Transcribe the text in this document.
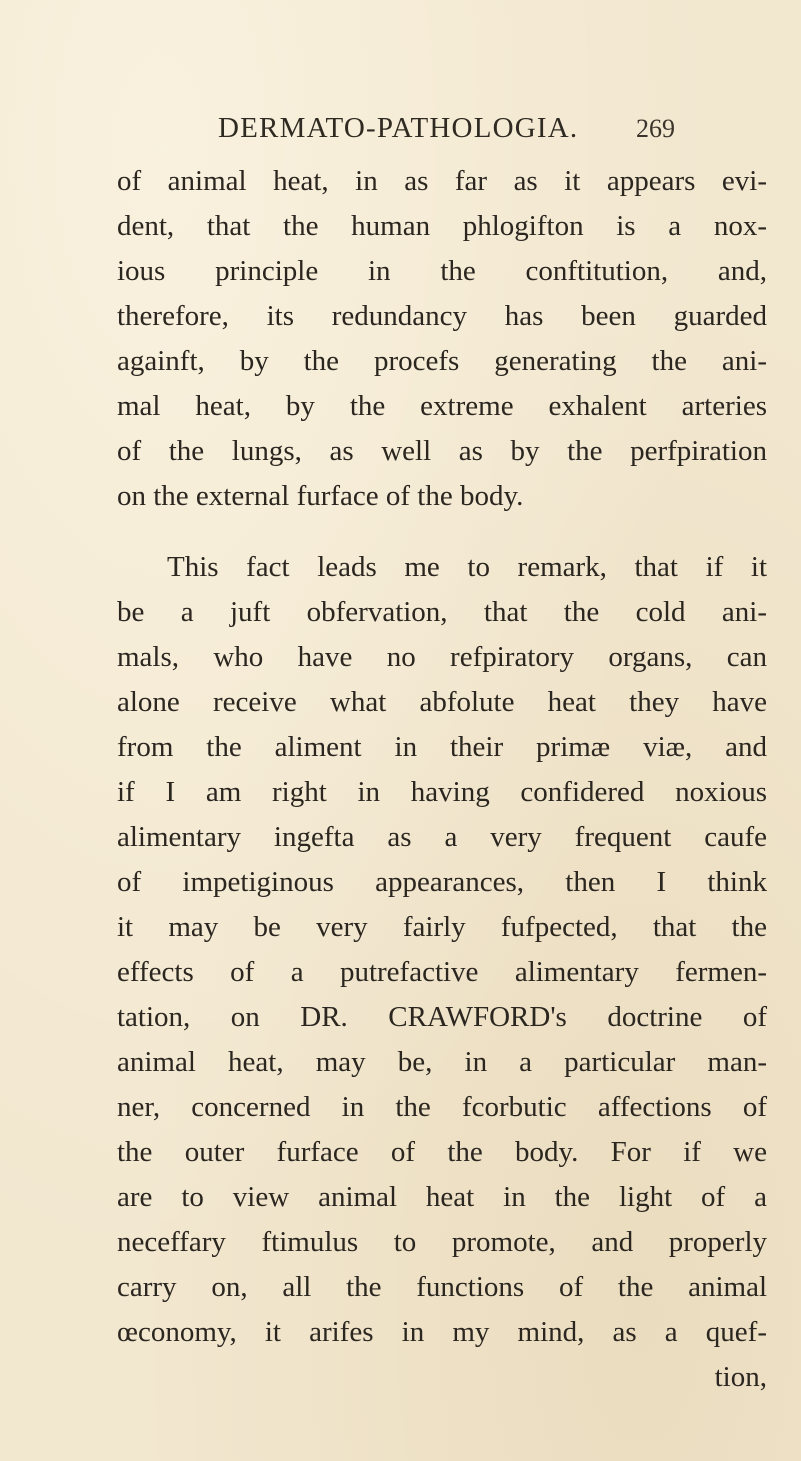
DERMATO-PATHOLOGIA. 269
of animal heat, in as far as it appears evi-
dent, that the human phlogifton is a nox-
ious principle in the conftitution, and,
therefore, its redundancy has been guarded
againft, by the procefs generating the ani-
mal heat, by the extreme exhalent arteries
of the lungs, as well as by the perfpiration
on the external furface of the body.
This fact leads me to remark, that if it
be a juft obfervation, that the cold ani-
mals, who have no refpiratory organs, can
alone receive what abfolute heat they have
from the aliment in their primæ viæ, and
if I am right in having confidered noxious
alimentary ingefta as a very frequent caufe
of impetiginous appearances, then I think
it may be very fairly fufpected, that the
effects of a putrefactive alimentary fermen-
tation, on DR. CRAWFORD's doctrine of
animal heat, may be, in a particular man-
ner, concerned in the fcorbutic affections of
the outer furface of the body. For if we
are to view animal heat in the light of a
neceffary ftimulus to promote, and properly
carry on, all the functions of the animal
œconomy, it arifes in my mind, as a quef-
tion,
